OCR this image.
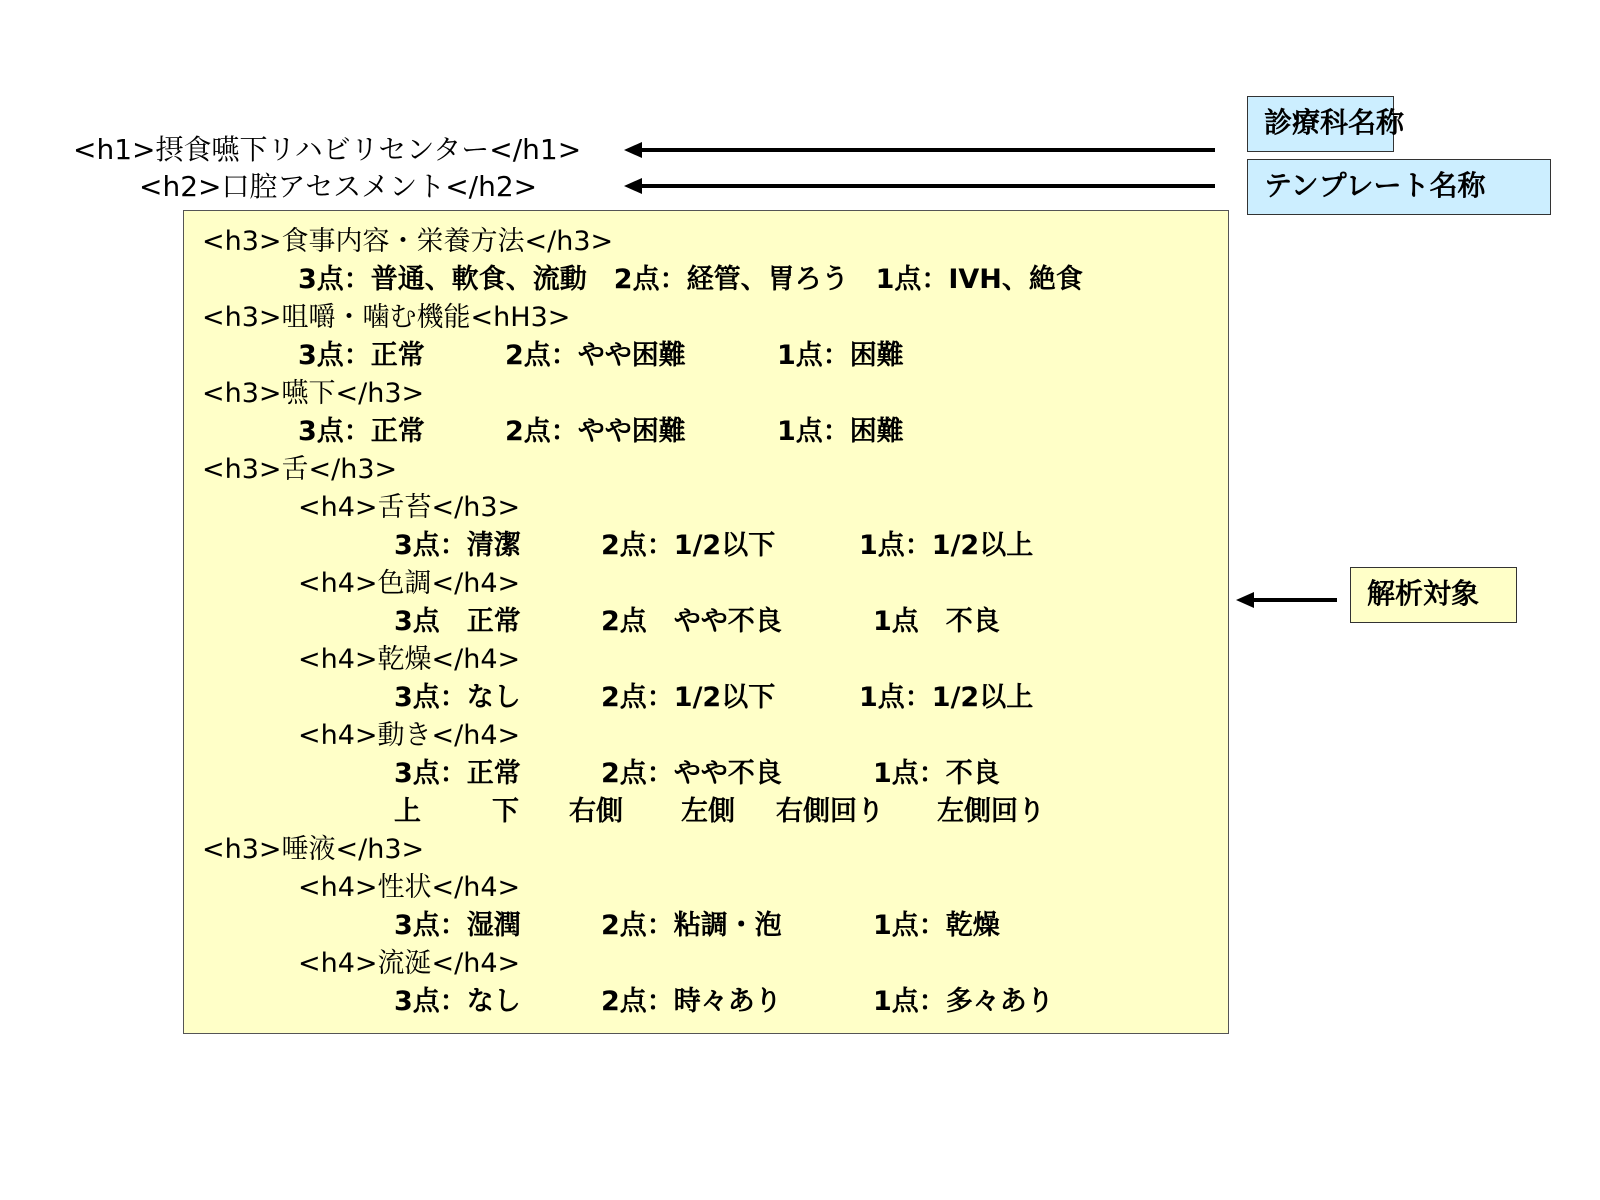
<h1>摂食嚥下リハビリセンター</h1>
<h2>口腔アセスメント</h2>
診療科名称
テンプレート名称
解析対象
<h3>食事内容・栄養方法</h3>
3点：普通、軟食、流動　2点：経管、胃ろう　1点：IVH、絶食
<h3>咀嚼・噛む機能<hH3>
3点：正常	2点：やや困難	1点：困難
<h3>嚥下</h3>
3点：正常	2点：やや困難	1点：困難
<h3>舌</h3>
<h4>舌苔</h3>
3点：清潔	2点：1/2以下	1点：1/2以上
<h4>色調</h4>
3点　正常	2点　やや不良	1点　不良
<h4>乾燥</h4>
3点：なし	2点：1/2以下	1点：1/2以上
<h4>動き</h4>
3点：正常	2点：やや不良	1点：不良
上	下 右側 左側 右側回り 左側回り
<h3>唾液</h3>
<h4>性状</h4>
3点：湿潤	2点：粘調・泡	1点：乾燥
<h4>流涎</h4>
3点：なし	2点：時々あり	1点：多々あり
